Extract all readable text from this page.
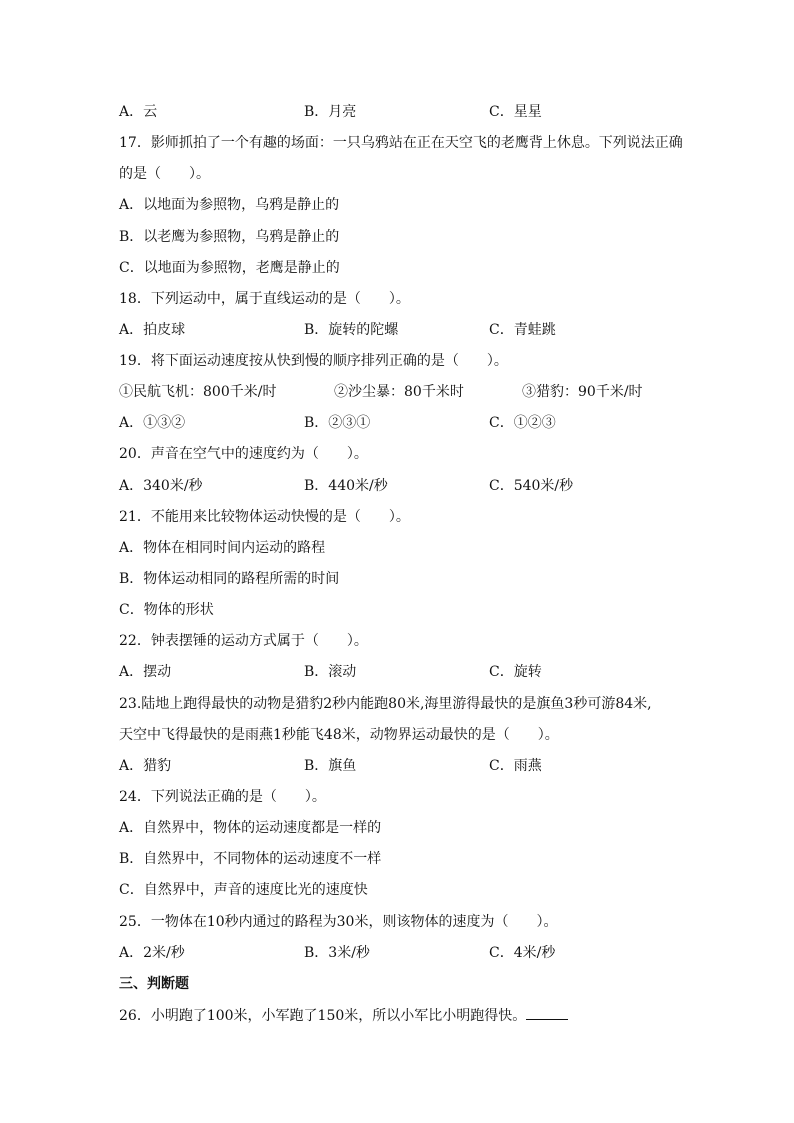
A．云	B．月亮	C．星星
17．影师抓拍了一个有趣的场面：一只乌鸦站在正在天空飞的老鹰背上休息。下列说法正确
的是（　　）。
A．以地面为参照物，乌鸦是静止的
B．以老鹰为参照物，乌鸦是静止的
C．以地面为参照物，老鹰是静止的
18．下列运动中，属于直线运动的是（　　）。
A．拍皮球	B．旋转的陀螺	C．青蛙跳
19．将下面运动速度按从快到慢的顺序排列正确的是（　　）。
①民航飞机：800千米/时	②沙尘暴：80千米时	③猎豹：90千米/时
A．①③②	B．②③①	C．①②③
20．声音在空气中的速度约为（　　）。
A．340米/秒	B．440米/秒	C．540米/秒
21．不能用来比较物体运动快慢的是（　　）。
A．物体在相同时间内运动的路程
B．物体运动相同的路程所需的时间
C．物体的形状
22．钟表摆锤的运动方式属于（　　）。
A．摆动	B．滚动	C．旋转
23.陆地上跑得最快的动物是猎豹2秒内能跑80米,海里游得最快的是旗鱼3秒可游84米,
天空中飞得最快的是雨燕1秒能飞48米，动物界运动最快的是（　　）。
A．猎豹	B．旗鱼	C．雨燕
24．下列说法正确的是（　　）。
A．自然界中，物体的运动速度都是一样的
B．自然界中，不同物体的运动速度不一样
C．自然界中，声音的速度比光的速度快
25．一物体在10秒内通过的路程为30米，则该物体的速度为（　　）。
A．2米/秒	B．3米/秒	C．4米/秒
三、判断题
26．小明跑了100米，小军跑了150米，所以小军比小明跑得快。
